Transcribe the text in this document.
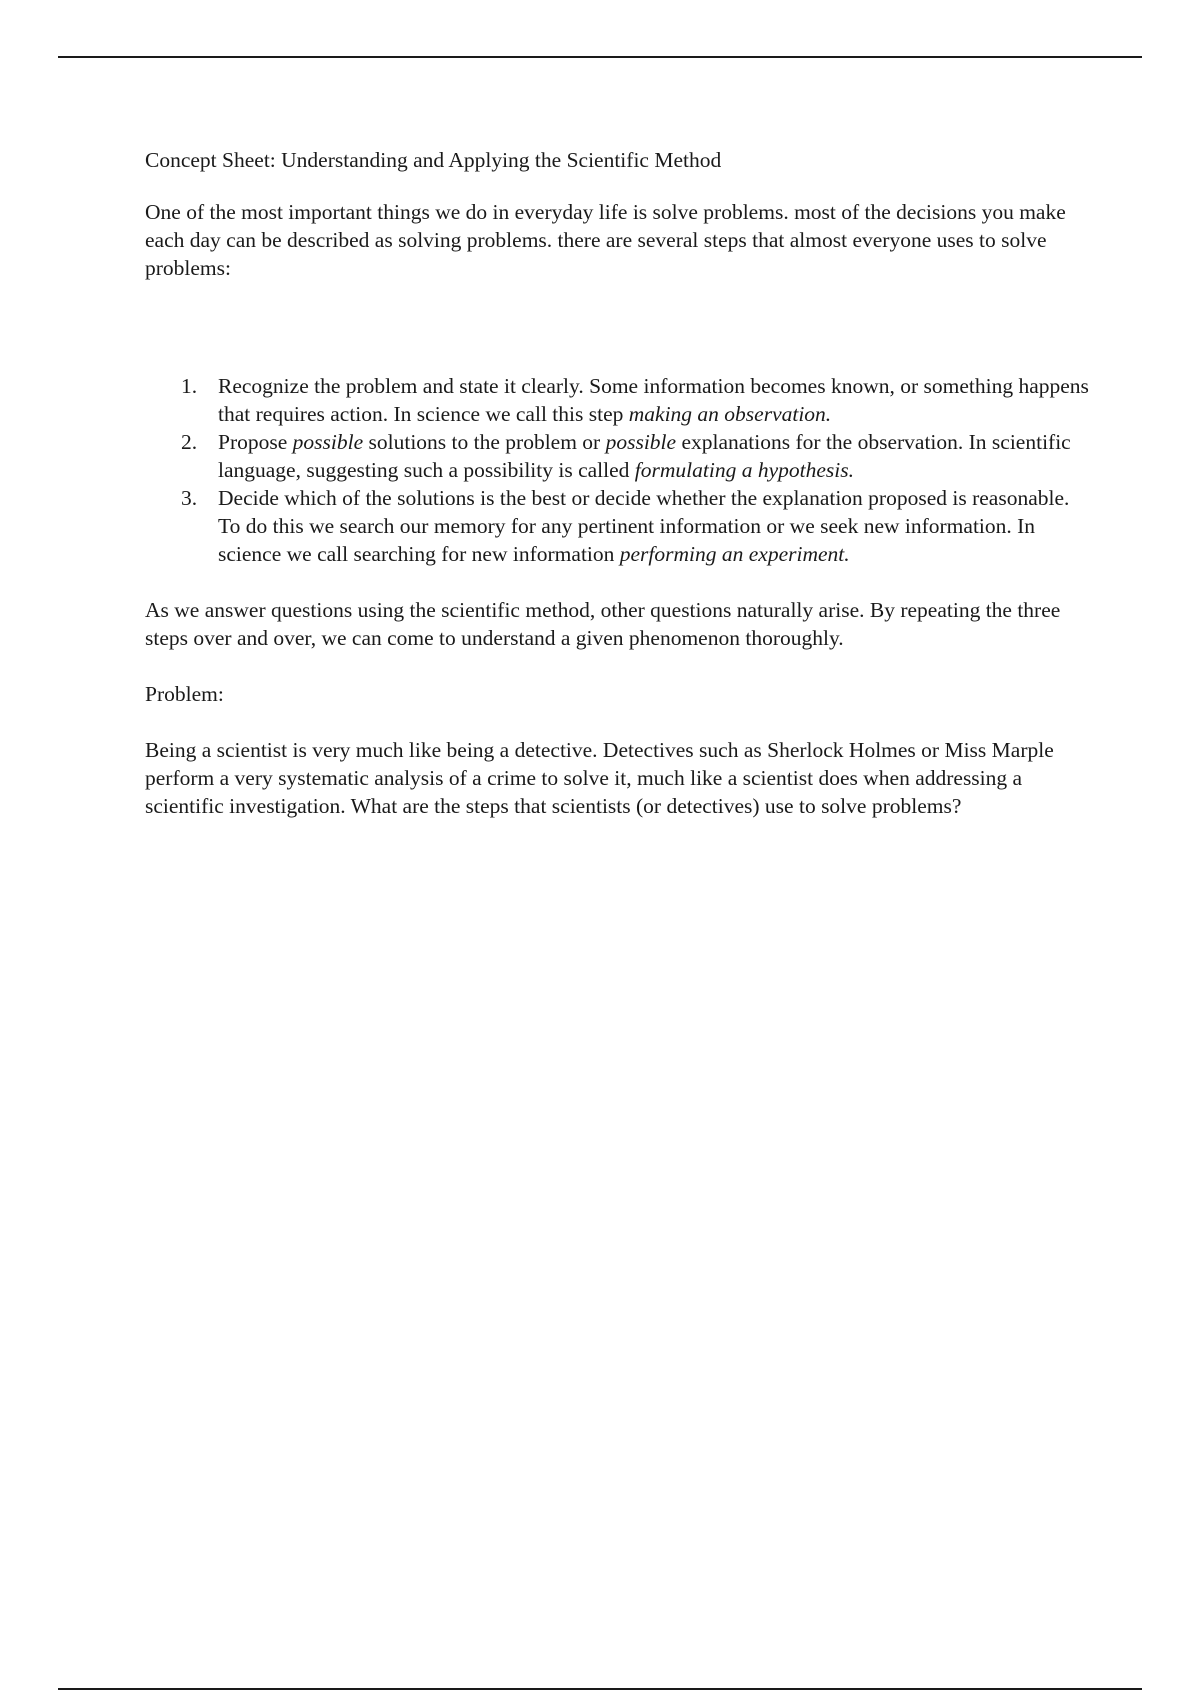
Concept Sheet: Understanding and Applying the Scientific Method

One of the most important things we do in everyday life is solve problems. most of the decisions you make each day can be described as solving problems. there are several steps that almost everyone uses to solve problems:

1. Recognize the problem and state it clearly. Some information becomes known, or something happens that requires action. In science we call this step making an observation.
2. Propose possible solutions to the problem or possible explanations for the observation. In scientific language, suggesting such a possibility is called formulating a hypothesis.
3. Decide which of the solutions is the best or decide whether the explanation proposed is reasonable. To do this we search our memory for any pertinent information or we seek new information. In science we call searching for new information performing an experiment.

As we answer questions using the scientific method, other questions naturally arise. By repeating the three steps over and over, we can come to understand a given phenomenon thoroughly.

Problem:

Being a scientist is very much like being a detective. Detectives such as Sherlock Holmes or Miss Marple perform a very systematic analysis of a crime to solve it, much like a scientist does when addressing a scientific investigation. What are the steps that scientists (or detectives) use to solve problems?
